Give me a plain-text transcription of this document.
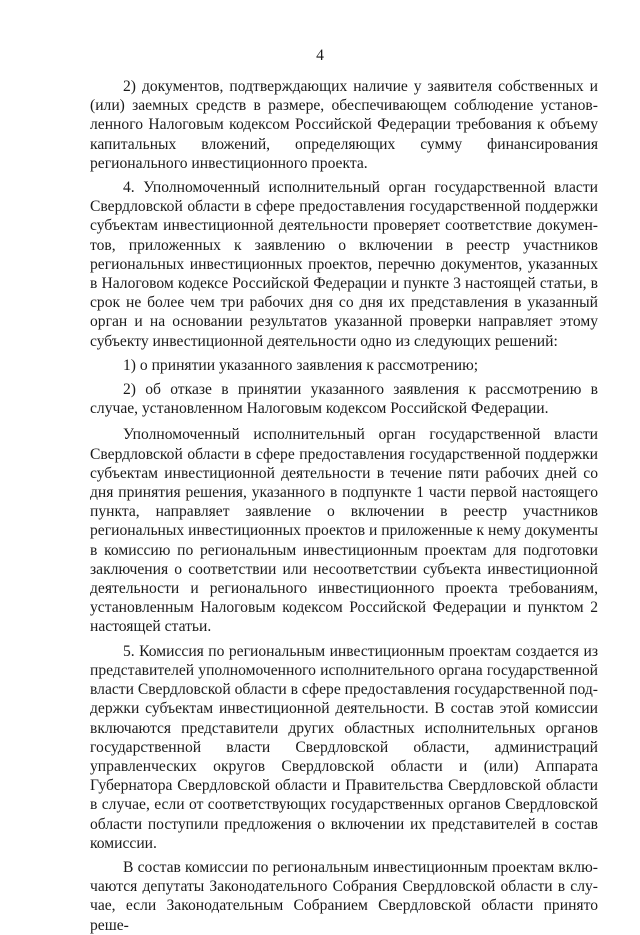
4

2) документов, подтверждающих наличие у заявителя собственных и (или) заемных средств в размере, обеспечивающем соблюдение установленного Налоговым кодексом Российской Федерации требования к объему капитальных вложений, определяющих сумму финансирования регионального инвестиционного проекта.

4. Уполномоченный исполнительный орган государственной власти Свердловской области в сфере предоставления государственной поддержки субъектам инвестиционной деятельности проверяет соответствие документов, приложенных к заявлению о включении в реестр участников региональных инвестиционных проектов, перечню документов, указанных в Налоговом кодексе Российской Федерации и пункте 3 настоящей статьи, в срок не более чем три рабочих дня со дня их представления в указанный орган и на основании результатов указанной проверки направляет этому субъекту инвестиционной деятельности одно из следующих решений:

1) о принятии указанного заявления к рассмотрению;

2) об отказе в принятии указанного заявления к рассмотрению в случае, установленном Налоговым кодексом Российской Федерации.

Уполномоченный исполнительный орган государственной власти Свердловской области в сфере предоставления государственной поддержки субъектам инвестиционной деятельности в течение пяти рабочих дней со дня принятия решения, указанного в подпункте 1 части первой настоящего пункта, направляет заявление о включении в реестр участников региональных инвестиционных проектов и приложенные к нему документы в комиссию по региональным инвестиционным проектам для подготовки заключения о соответствии или несоответствии субъекта инвестиционной деятельности и регионального инвестиционного проекта требованиям, установленным Налоговым кодексом Российской Федерации и пунктом 2 настоящей статьи.

5. Комиссия по региональным инвестиционным проектам создается из представителей уполномоченного исполнительного органа государственной власти Свердловской области в сфере предоставления государственной поддержки субъектам инвестиционной деятельности. В состав этой комиссии включаются представители других областных исполнительных органов государственной власти Свердловской области, администраций управленческих округов Свердловской области и (или) Аппарата Губернатора Свердловской области и Правительства Свердловской области в случае, если от соответствующих государственных органов Свердловской области поступили предложения о включении их представителей в состав комиссии.

В состав комиссии по региональным инвестиционным проектам включаются депутаты Законодательного Собрания Свердловской области в случае, если Законодательным Собранием Свердловской области принято реше-
